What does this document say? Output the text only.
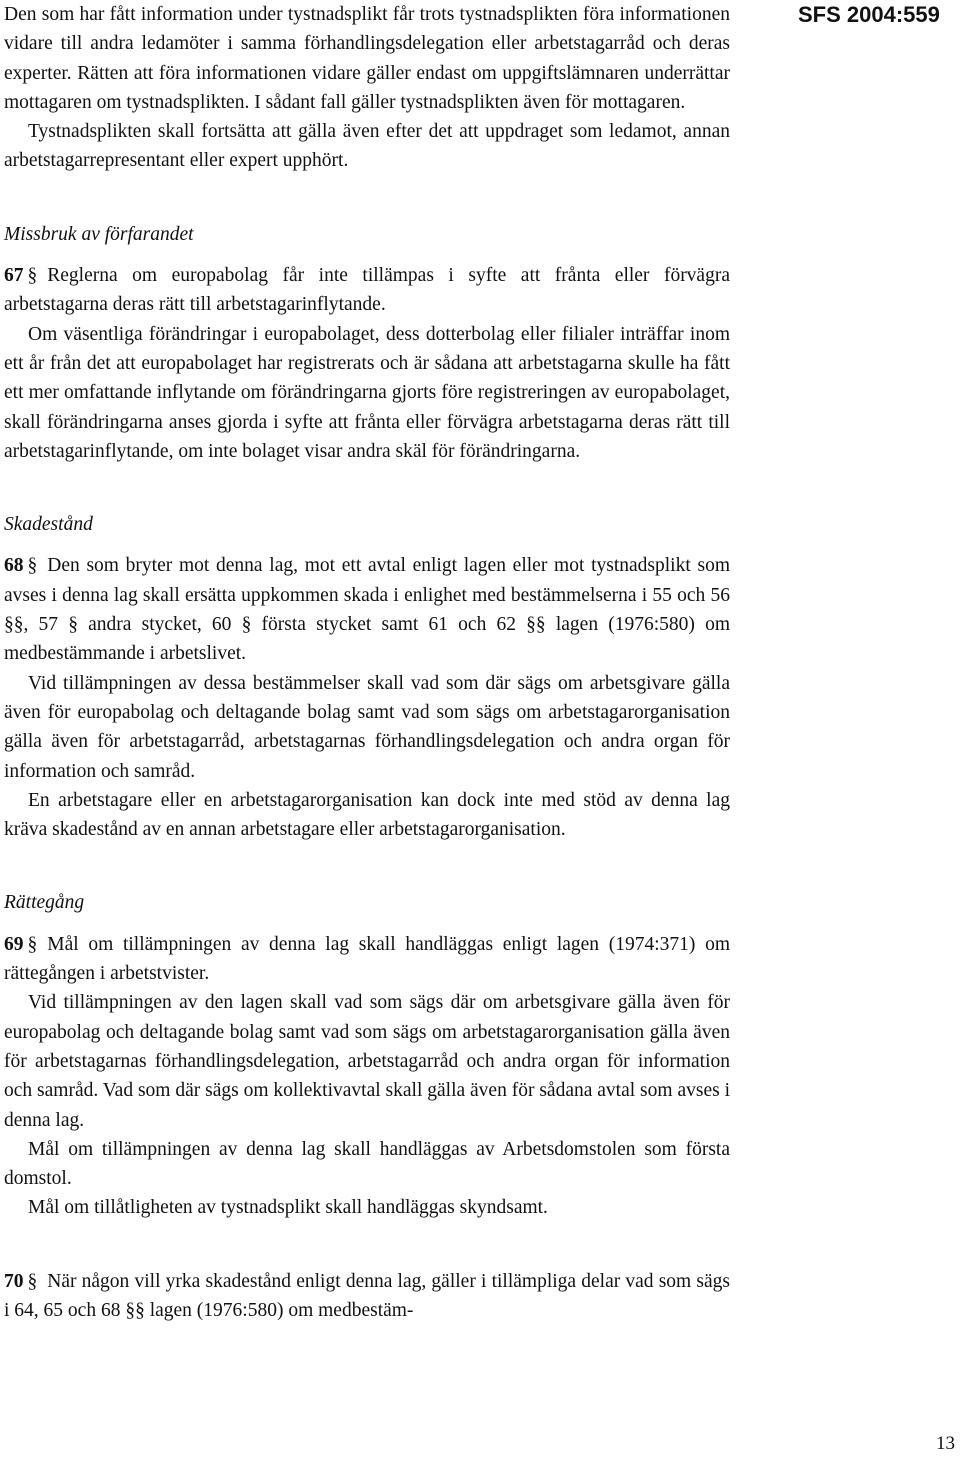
SFS 2004:559

Den som har fått information under tystnadsplikt får trots tystnadsplikten föra informationen vidare till andra ledamöter i samma förhandlingsdelegation eller arbetstagarråd och deras experter. Rätten att föra informationen vidare gäller endast om uppgiftslämnaren underrättar mottagaren om tystnadsplikten. I sådant fall gäller tystnadsplikten även för mottagaren.

Tystnadsplikten skall fortsätta att gälla även efter det att uppdraget som ledamot, annan arbetstagarrepresentant eller expert upphört.

Missbruk av förfarandet

67 § Reglerna om europabolag får inte tillämpas i syfte att frånta eller förvägra arbetstagarna deras rätt till arbetstagarinflytande.

Om väsentliga förändringar i europabolaget, dess dotterbolag eller filialer inträffar inom ett år från det att europabolaget har registrerats och är sådana att arbetstagarna skulle ha fått ett mer omfattande inflytande om förändringarna gjorts före registreringen av europabolaget, skall förändringarna anses gjorda i syfte att frånta eller förvägra arbetstagarna deras rätt till arbetstagarinflytande, om inte bolaget visar andra skäl för förändringarna.

Skadestånd

68 § Den som bryter mot denna lag, mot ett avtal enligt lagen eller mot tystnadsplikt som avses i denna lag skall ersätta uppkommen skada i enlighet med bestämmelserna i 55 och 56 §§, 57 § andra stycket, 60 § första stycket samt 61 och 62 §§ lagen (1976:580) om medbestämmande i arbetslivet.

Vid tillämpningen av dessa bestämmelser skall vad som där sägs om arbetsgivare gälla även för europabolag och deltagande bolag samt vad som sägs om arbetstagarorganisation gälla även för arbetstagarråd, arbetstagarnas förhandlingsdelegation och andra organ för information och samråd.

En arbetstagare eller en arbetstagarorganisation kan dock inte med stöd av denna lag kräva skadestånd av en annan arbetstagare eller arbetstagarorganisation.

Rättegång

69 § Mål om tillämpningen av denna lag skall handläggas enligt lagen (1974:371) om rättegången i arbetstvister.

Vid tillämpningen av den lagen skall vad som sägs där om arbetsgivare gälla även för europabolag och deltagande bolag samt vad som sägs om arbetstagarorganisation gälla även för arbetstagarnas förhandlingsdelegation, arbetstagarråd och andra organ för information och samråd. Vad som där sägs om kollektivavtal skall gälla även för sådana avtal som avses i denna lag.

Mål om tillämpningen av denna lag skall handläggas av Arbetsdomstolen som första domstol.

Mål om tillåtligheten av tystnadsplikt skall handläggas skyndsamt.

70 § När någon vill yrka skadestånd enligt denna lag, gäller i tillämpliga delar vad som sägs i 64, 65 och 68 §§ lagen (1976:580) om medbestäm-

13
